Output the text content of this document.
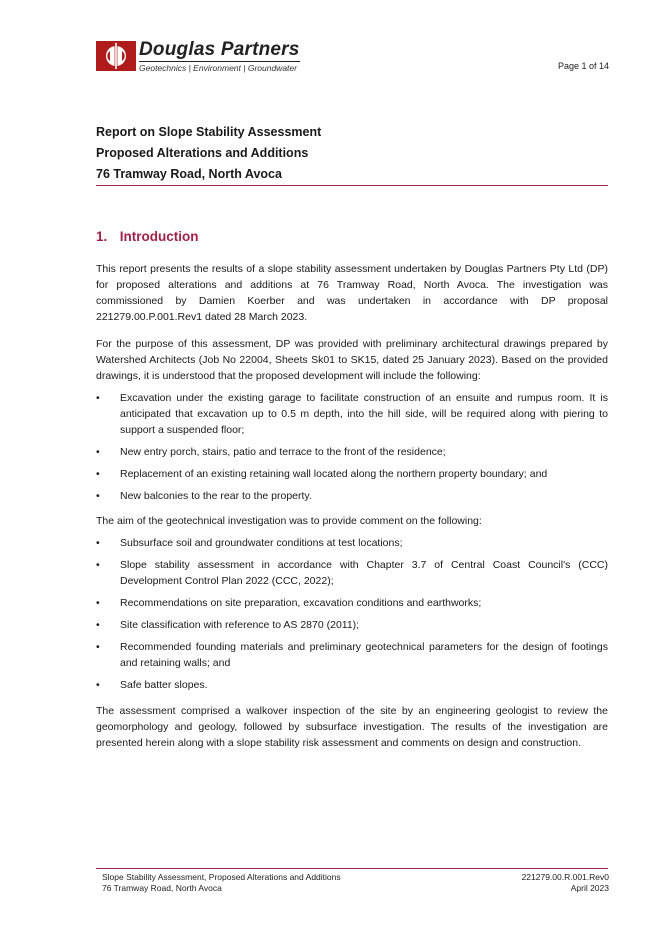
Douglas Partners
Geotechnics | Environment | Groundwater	Page 1 of 14
Report on Slope Stability Assessment
Proposed Alterations and Additions
76 Tramway Road, North Avoca
1. Introduction

This report presents the results of a slope stability assessment undertaken by Douglas Partners Pty Ltd (DP) for proposed alterations and additions at 76 Tramway Road, North Avoca. The investigation was commissioned by Damien Koerber and was undertaken in accordance with DP proposal 221279.00.P.001.Rev1 dated 28 March 2023.

For the purpose of this assessment, DP was provided with preliminary architectural drawings prepared by Watershed Architects (Job No 22004, Sheets Sk01 to SK15, dated 25 January 2023). Based on the provided drawings, it is understood that the proposed development will include the following:

• Excavation under the existing garage to facilitate construction of an ensuite and rumpus room. It is anticipated that excavation up to 0.5 m depth, into the hill side, will be required along with piering to support a suspended floor;
• New entry porch, stairs, patio and terrace to the front of the residence;
• Replacement of an existing retaining wall located along the northern property boundary; and
• New balconies to the rear to the property.

The aim of the geotechnical investigation was to provide comment on the following:

• Subsurface soil and groundwater conditions at test locations;
• Slope stability assessment in accordance with Chapter 3.7 of Central Coast Council's (CCC) Development Control Plan 2022 (CCC, 2022);
• Recommendations on site preparation, excavation conditions and earthworks;
• Site classification with reference to AS 2870 (2011);
• Recommended founding materials and preliminary geotechnical parameters for the design of footings and retaining walls; and
• Safe batter slopes.

The assessment comprised a walkover inspection of the site by an engineering geologist to review the geomorphology and geology, followed by subsurface investigation. The results of the investigation are presented herein along with a slope stability risk assessment and comments on design and construction.

Slope Stability Assessment, Proposed Alterations and Additions
76 Tramway Road, North Avoca
221279.00.R.001.Rev0
April 2023
